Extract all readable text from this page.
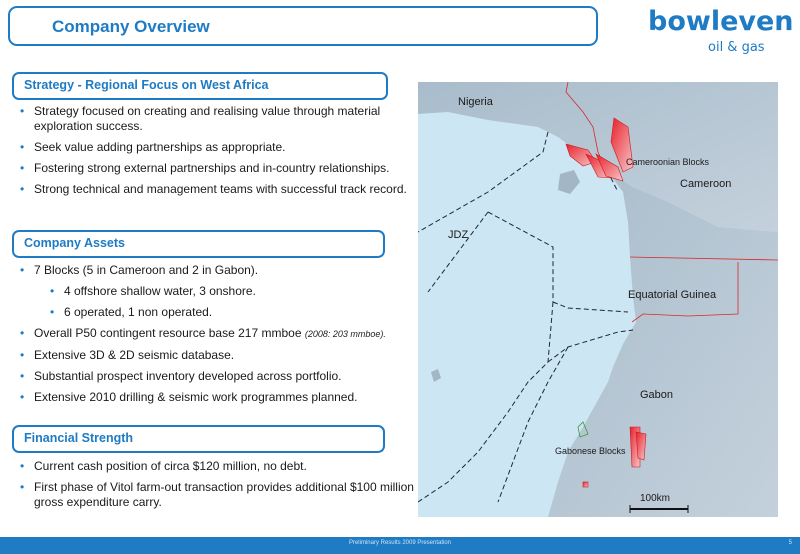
Company Overview	bowleven
oil & gas
Strategy - Regional Focus on West Africa
• Strategy focused on creating and realising value through material exploration success.
• Seek value adding partnerships as appropriate.
• Fostering strong external partnerships and in-country relationships.
• Strong technical and management teams with successful track record.
Company Assets
• 7 Blocks (5 in Cameroon and 2 in Gabon).
• 4 offshore shallow water, 3 onshore.
• 6 operated, 1 non operated.
• Overall P50 contingent resource base 217 mmboe (2008: 203 mmboe).
• Extensive 3D & 2D seismic database.
• Substantial prospect inventory developed across portfolio.
• Extensive 2010 drilling & seismic work programmes planned.
Financial Strength
• Current cash position of circa $120 million, no debt.
• First phase of Vitol farm-out transaction provides additional $100 million gross expenditure carry.
Nigeria
Cameroonian Blocks
Cameroon
JDZ
Equatorial Guinea
Gabon
Gabonese Blocks
100km
Preliminary Results 2009 Presentation	5
